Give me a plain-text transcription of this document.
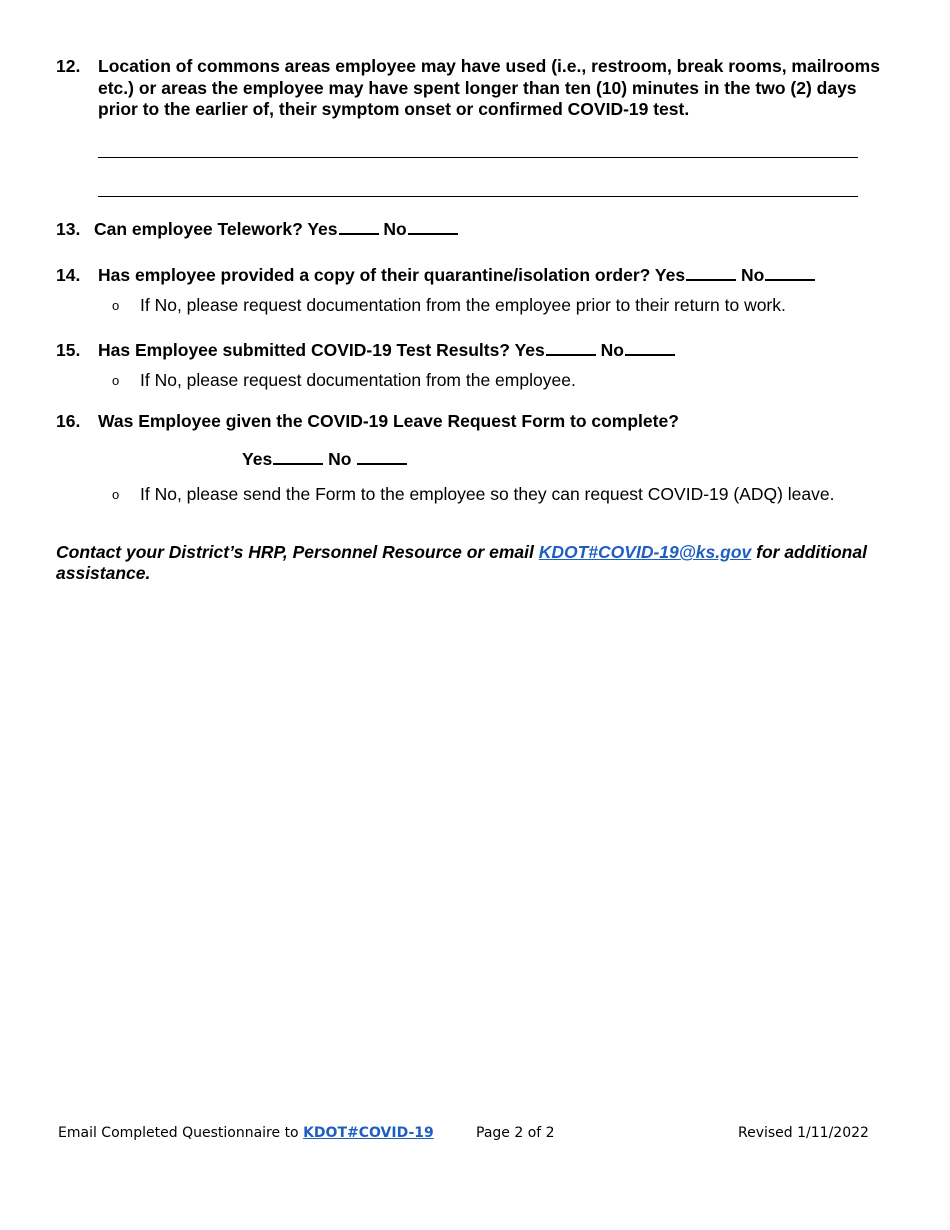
12. Location of commons areas employee may have used (i.e., restroom, break rooms, mailrooms etc.) or areas the employee may have spent longer than ten (10) minutes in the two (2) days prior to the earlier of, their symptom onset or confirmed COVID-19 test.
13. Can employee Telework? Yes	No
14. Has employee provided a copy of their quarantine/isolation order? Yes	No
o If No, please request documentation from the employee prior to their return to work.
15. Has Employee submitted COVID-19 Test Results? Yes	No
o If No, please request documentation from the employee.
16. Was Employee given the COVID-19 Leave Request Form to complete?
Yes	No
o If No, please send the Form to the employee so they can request COVID-19 (ADQ) leave.
Contact your District’s HRP, Personnel Resource or email KDOT#COVID-19@ks.gov for additional assistance.
Email Completed Questionnaire to KDOT#COVID-19	Page 2 of 2	Revised 1/11/2022
